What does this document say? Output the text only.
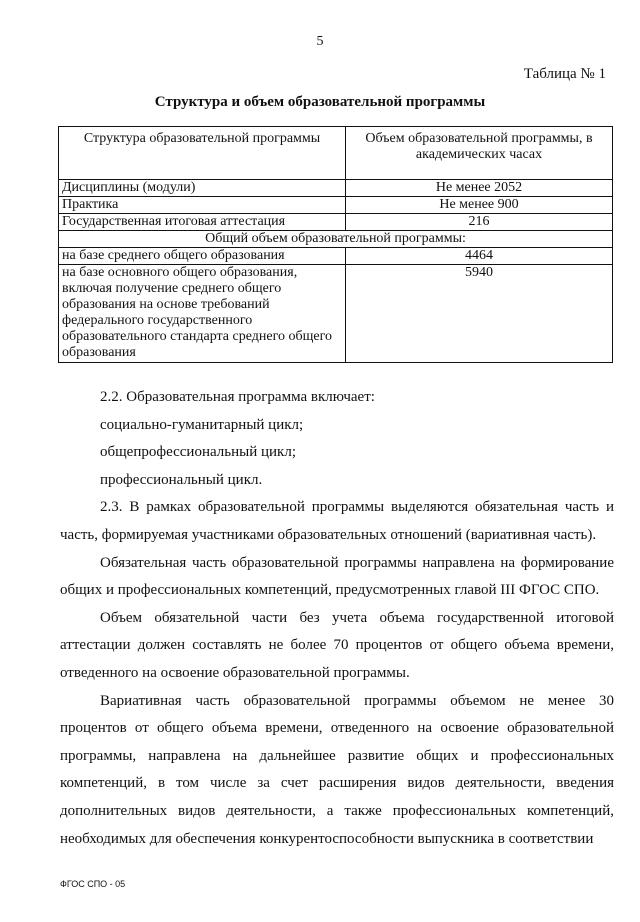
5
Таблица № 1
Структура и объем образовательной программы
Структура образовательной программы	Объем образовательной программы, в академических часах
Дисциплины (модули)	Не менее 2052
Практика	Не менее 900
Государственная итоговая аттестация	216
Общий объем образовательной программы:	
на базе среднего общего образования	4464
на базе основного общего образования, включая получение среднего общего образования на основе требований федерального государственного образовательного стандарта среднего общего образования	5940

2.2. Образовательная программа включает:

социально-гуманитарный цикл;

общепрофессиональный цикл;

профессиональный цикл.

2.3. В рамках образовательной программы выделяются обязательная часть и часть, формируемая участниками образовательных отношений (вариативная часть).

Обязательная часть образовательной программы направлена на формирование общих и профессиональных компетенций, предусмотренных главой III ФГОС СПО.

Объем обязательной части без учета объема государственной итоговой аттестации должен составлять не более 70 процентов от общего объема времени, отведенного на освоение образовательной программы.

Вариативная часть образовательной программы объемом не менее 30 процентов от общего объема времени, отведенного на освоение образовательной программы, направлена на дальнейшее развитие общих и профессиональных компетенций, в том числе за счет расширения видов деятельности, введения дополнительных видов деятельности, а также профессиональных компетенций, необходимых для обеспечения конкурентоспособности выпускника в соответствии

ФГОС СПО - 05
